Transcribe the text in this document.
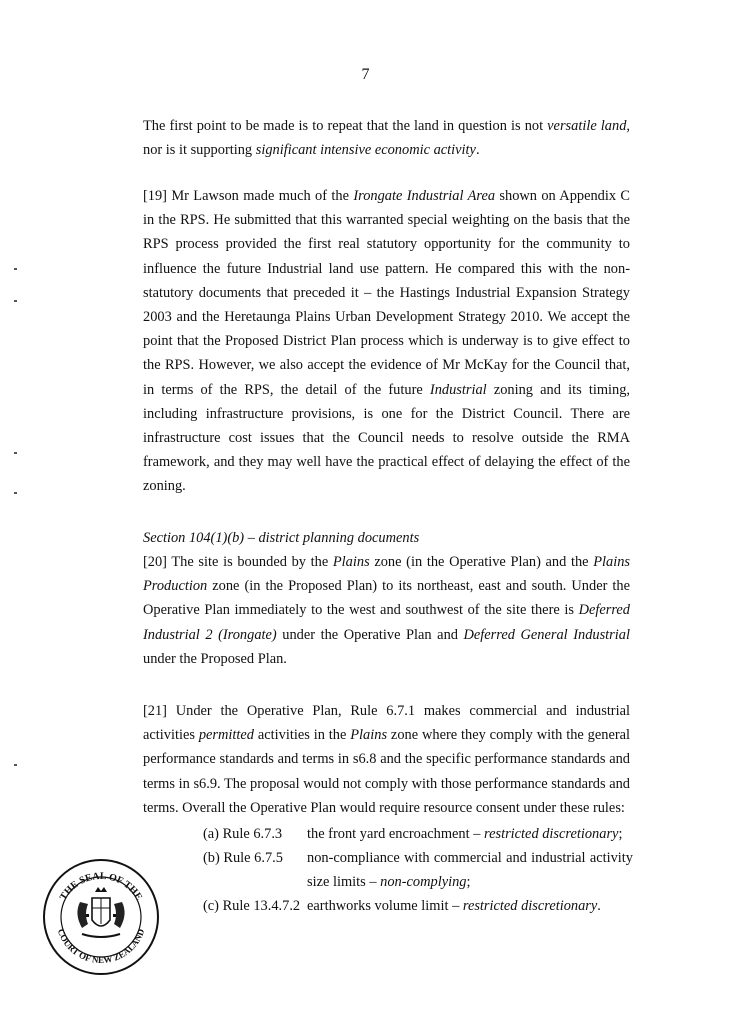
7

The first point to be made is to repeat that the land in question is not versatile land, nor is it supporting significant intensive economic activity.

[19] Mr Lawson made much of the Irongate Industrial Area shown on Appendix C in the RPS. He submitted that this warranted special weighting on the basis that the RPS process provided the first real statutory opportunity for the community to influence the future Industrial land use pattern. He compared this with the non-statutory documents that preceded it – the Hastings Industrial Expansion Strategy 2003 and the Heretaunga Plains Urban Development Strategy 2010. We accept the point that the Proposed District Plan process which is underway is to give effect to the RPS. However, we also accept the evidence of Mr McKay for the Council that, in terms of the RPS, the detail of the future Industrial zoning and its timing, including infrastructure provisions, is one for the District Council. There are infrastructure cost issues that the Council needs to resolve outside the RMA framework, and they may well have the practical effect of delaying the effect of the zoning.

Section 104(1)(b) – district planning documents

[20] The site is bounded by the Plains zone (in the Operative Plan) and the Plains Production zone (in the Proposed Plan) to its northeast, east and south. Under the Operative Plan immediately to the west and southwest of the site there is Deferred Industrial 2 (Irongate) under the Operative Plan and Deferred General Industrial under the Proposed Plan.

[21] Under the Operative Plan, Rule 6.7.1 makes commercial and industrial activities permitted activities in the Plains zone where they comply with the general performance standards and terms in s6.8 and the specific performance standards and terms in s6.9. The proposal would not comply with those performance standards and terms. Overall the Operative Plan would require resource consent under these rules:

(a) Rule 6.7.3	the front yard encroachment – restricted discretionary;
(b) Rule 6.7.5	non-compliance with commercial and industrial activity size limits – non-complying;
(c) Rule 13.4.7.2 earthworks volume limit – restricted discretionary.
THE SEAL OF THE
COURT OF NEW ZEALAND
